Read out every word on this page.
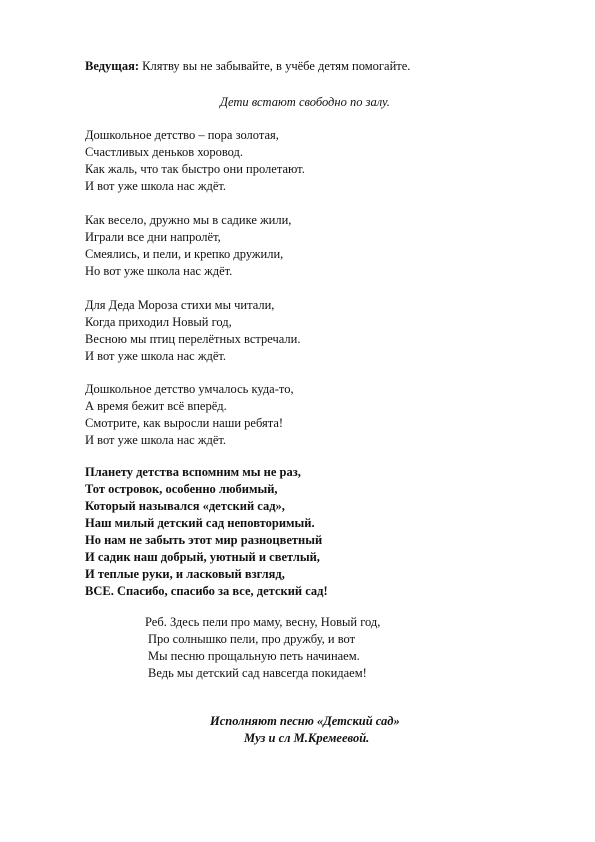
Ведущая: Клятву вы не забывайте, в учёбе детям помогайте.
Дети встают свободно по залу.
Дошкольное детство – пора золотая,
Счастливых деньков хоровод.
Как жаль, что так быстро они пролетают.
И вот уже школа нас ждёт.
Как весело, дружно мы в садике жили,
Играли все дни напролёт,
Смеялись, и пели, и крепко дружили,
Но вот уже школа нас ждёт.
Для Деда Мороза стихи мы читали,
Когда приходил Новый год,
Весною мы птиц перелётных встречали.
И вот уже школа нас ждёт.
Дошкольное детство умчалось куда-то,
А время бежит всё вперёд.
Смотрите, как выросли наши ребята!
И вот уже школа нас ждёт.
Планету детства вспомним мы не раз,
Тот островок, особенно любимый,
Который назывался «детский сад»,
Наш милый детский сад неповторимый.
Но нам не забыть этот мир разноцветный
И садик наш добрый, уютный и светлый,
И теплые руки, и ласковый взгляд,
ВСЕ. Спасибо, спасибо за все, детский сад!
Реб. Здесь пели про маму, весну, Новый год,
Про солнышко пели, про дружбу, и вот
Мы песню прощальную петь начинаем.
Ведь мы детский сад навсегда покидаем!
Исполняют песню «Детский сад»
Муз и сл М.Кремеевой.
